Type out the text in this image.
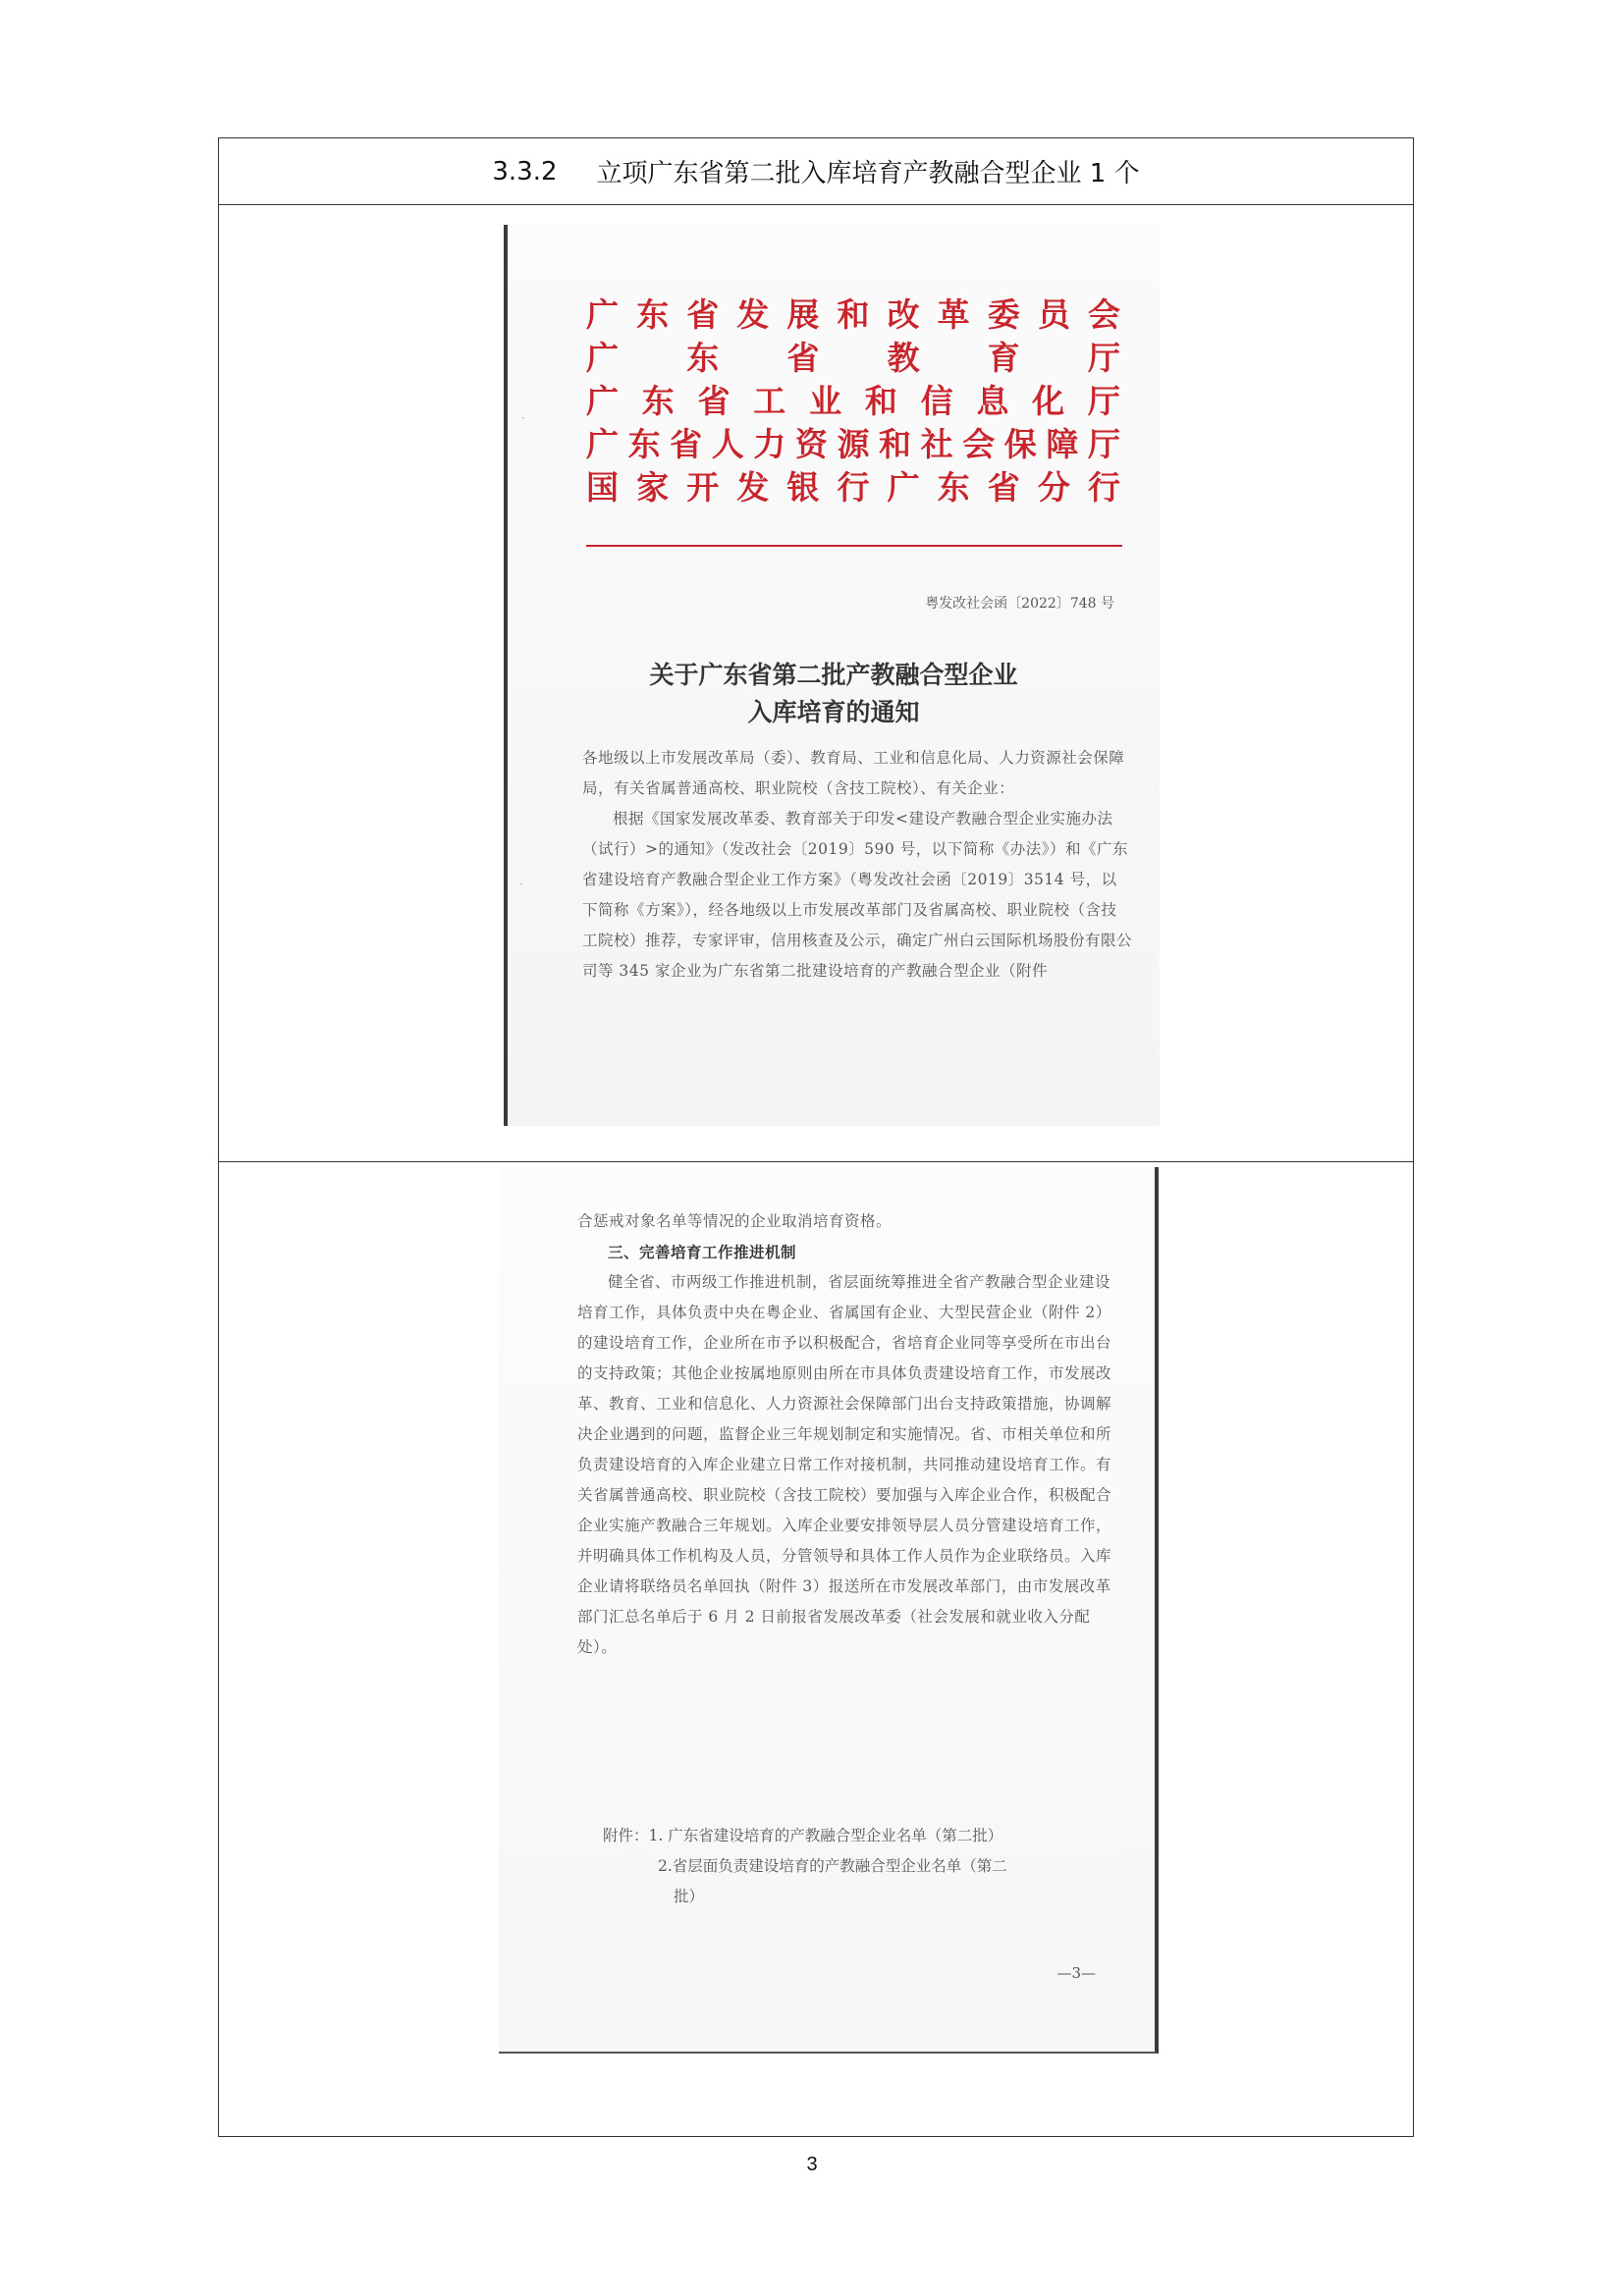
3.3.2 立项广东省第二批入库培育产教融合型企业 1 个
广 东 省 发 展 和 改 革 委 员 会
广 东 省 教 育 厅
广 东 省 工 业 和 信 息 化 厅
广 东 省 人 力 资 源 和 社 会 保 障 厅
国 家 开 发 银 行 广 东 省 分 行
粤发改社会函〔2022〕748 号
关于广东省第二批产教融合型企业
入库培育的通知

各地级以上市发展改革局（委）、教育局、工业和信息化局、人力资源社会保障局，有关省属普通高校、职业院校（含技工院校）、有关企业：

根据《国家发展改革委、教育部关于印发<建设产教融合型企业实施办法（试行）>的通知》（发改社会〔2019〕590 号，以下简称《办法》）和《广东省建设培育产教融合型企业工作方案》（粤发改社会函〔2019〕3514 号，以下简称《方案》），经各地级以上市发展改革部门及省属高校、职业院校（含技工院校）推荐，专家评审，信用核查及公示，确定广州白云国际机场股份有限公司等 345 家企业为广东省第二批建设培育的产教融合型企业（附件

·
·

合惩戒对象名单等情况的企业取消培育资格。

三、完善培育工作推进机制

健全省、市两级工作推进机制，省层面统筹推进全省产教融合型企业建设培育工作，具体负责中央在粤企业、省属国有企业、大型民营企业（附件 2）的建设培育工作，企业所在市予以积极配合，省培育企业同等享受所在市出台的支持政策；其他企业按属地原则由所在市具体负责建设培育工作，市发展改革、教育、工业和信息化、人力资源社会保障部门出台支持政策措施，协调解决企业遇到的问题，监督企业三年规划制定和实施情况。省、市相关单位和所负责建设培育的入库企业建立日常工作对接机制，共同推动建设培育工作。有关省属普通高校、职业院校（含技工院校）要加强与入库企业合作，积极配合企业实施产教融合三年规划。入库企业要安排领导层人员分管建设培育工作，并明确具体工作机构及人员，分管领导和具体工作人员作为企业联络员。入库企业请将联络员名单回执（附件 3）报送所在市发展改革部门，由市发展改革部门汇总名单后于 6 月 2 日前报省发展改革委（社会发展和就业收入分配处）。

附件：1. 广东省建设培育的产教融合型企业名单（第二批）
2.省层面负责建设培育的产教融合型企业名单（第二
批）
—3—
3
